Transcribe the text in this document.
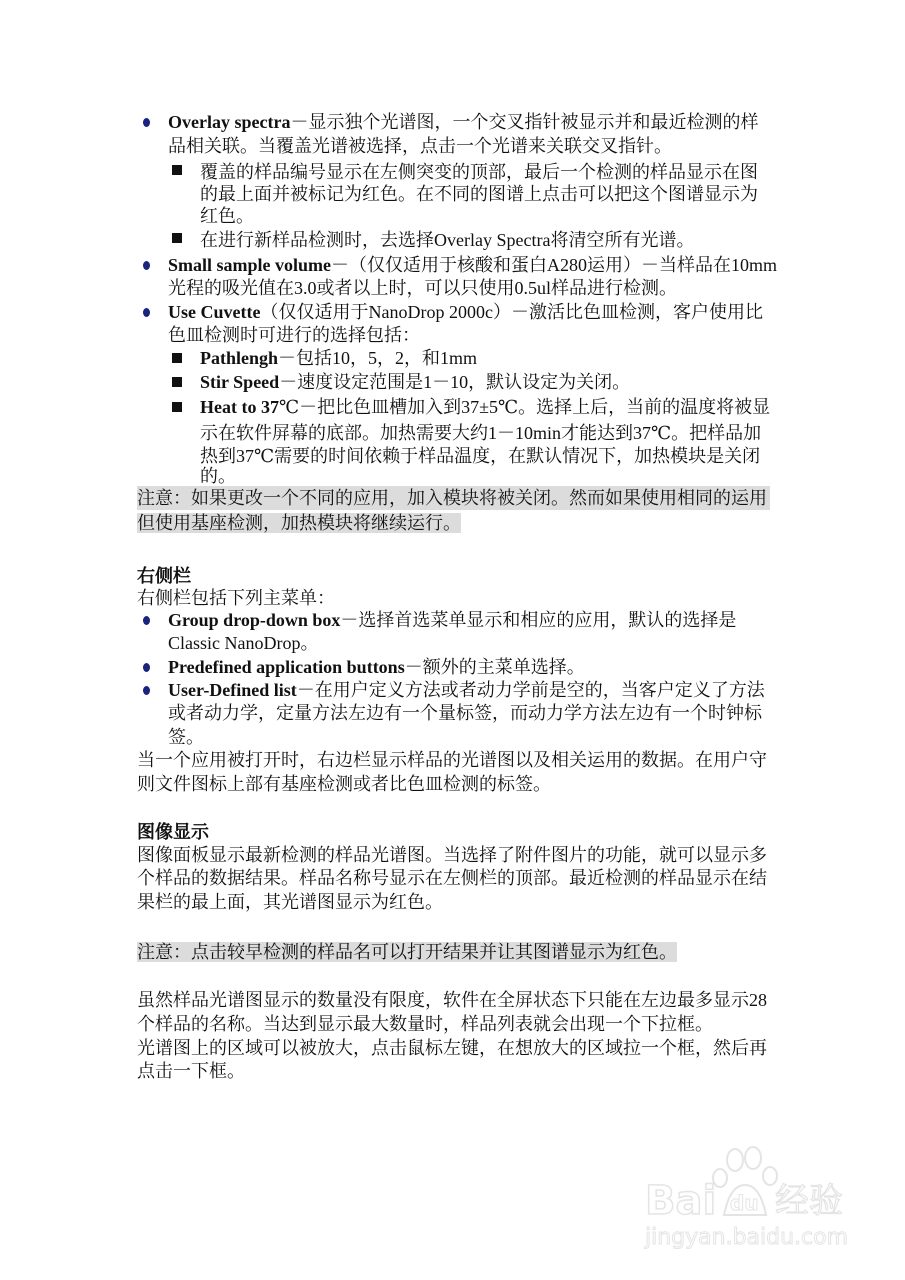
Overlay spectra－显示独个光谱图，一个交叉指针被显示并和最近检测的样
品相关联。当覆盖光谱被选择，点击一个光谱来关联交叉指针。
覆盖的样品编号显示在左侧突变的顶部，最后一个检测的样品显示在图
的最上面并被标记为红色。在不同的图谱上点击可以把这个图谱显示为
红色。
在进行新样品检测时，去选择Overlay Spectra将清空所有光谱。
Small sample volume－（仅仅适用于核酸和蛋白A280运用）－当样品在10mm
光程的吸光值在3.0或者以上时，可以只使用0.5ul样品进行检测。
Use Cuvette（仅仅适用于NanoDrop 2000c）－激活比色皿检测，客户使用比
色皿检测时可进行的选择包括：
Pathlengh－包括10，5，2，和1mm
Stir Speed－速度设定范围是1－10，默认设定为关闭。
Heat to 37℃－把比色皿槽加入到37±5℃。选择上后，当前的温度将被显
示在软件屏幕的底部。加热需要大约1－10min才能达到37℃。把样品加
热到37℃需要的时间依赖于样品温度，在默认情况下，加热模块是关闭
的。
注意：如果更改一个不同的应用，加入模块将被关闭。然而如果使用相同的运用
但使用基座检测，加热模块将继续运行。
右侧栏
右侧栏包括下列主菜单：
Group drop-down box－选择首选菜单显示和相应的应用，默认的选择是
Classic NanoDrop。
Predefined application buttons－额外的主菜单选择。
User-Defined list－在用户定义方法或者动力学前是空的，当客户定义了方法
或者动力学，定量方法左边有一个量标签，而动力学方法左边有一个时钟标
签。
当一个应用被打开时，右边栏显示样品的光谱图以及相关运用的数据。在用户守
则文件图标上部有基座检测或者比色皿检测的标签。
图像显示
图像面板显示最新检测的样品光谱图。当选择了附件图片的功能，就可以显示多
个样品的数据结果。样品名称号显示在左侧栏的顶部。最近检测的样品显示在结
果栏的最上面，其光谱图显示为红色。
注意：点击较早检测的样品名可以打开结果并让其图谱显示为红色。
虽然样品光谱图显示的数量没有限度，软件在全屏状态下只能在左边最多显示28
个样品的名称。当达到显示最大数量时，样品列表就会出现一个下拉框。
光谱图上的区域可以被放大，点击鼠标左键，在想放大的区域拉一个框，然后再
点击一下框。
Bai du 经验
jingyan.baidu.com
